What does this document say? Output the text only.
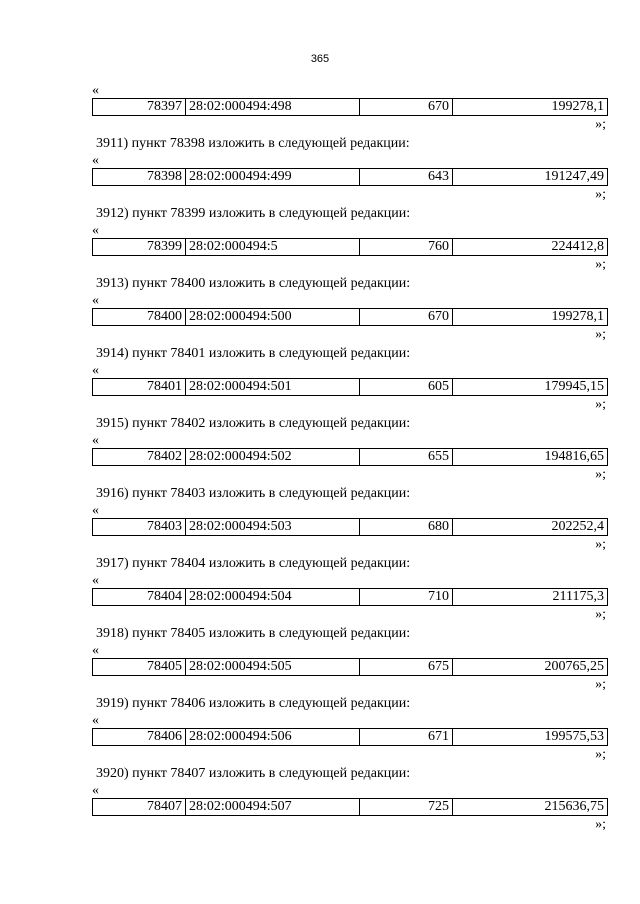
365
«
78397	28:02:000494:498	670	199278,1
»;
3911) пункт 78398 изложить в следующей редакции:
«
78398	28:02:000494:499	643	191247,49
»;
3912) пункт 78399 изложить в следующей редакции:
«
78399	28:02:000494:5	760	224412,8
»;
3913) пункт 78400 изложить в следующей редакции:
«
78400	28:02:000494:500	670	199278,1
»;
3914) пункт 78401 изложить в следующей редакции:
«
78401	28:02:000494:501	605	179945,15
»;
3915) пункт 78402 изложить в следующей редакции:
«
78402	28:02:000494:502	655	194816,65
»;
3916) пункт 78403 изложить в следующей редакции:
«
78403	28:02:000494:503	680	202252,4
»;
3917) пункт 78404 изложить в следующей редакции:
«
78404	28:02:000494:504	710	211175,3
»;
3918) пункт 78405 изложить в следующей редакции:
«
78405	28:02:000494:505	675	200765,25
»;
3919) пункт 78406 изложить в следующей редакции:
«
78406	28:02:000494:506	671	199575,53
»;
3920) пункт 78407 изложить в следующей редакции:
«
78407	28:02:000494:507	725	215636,75
»;
